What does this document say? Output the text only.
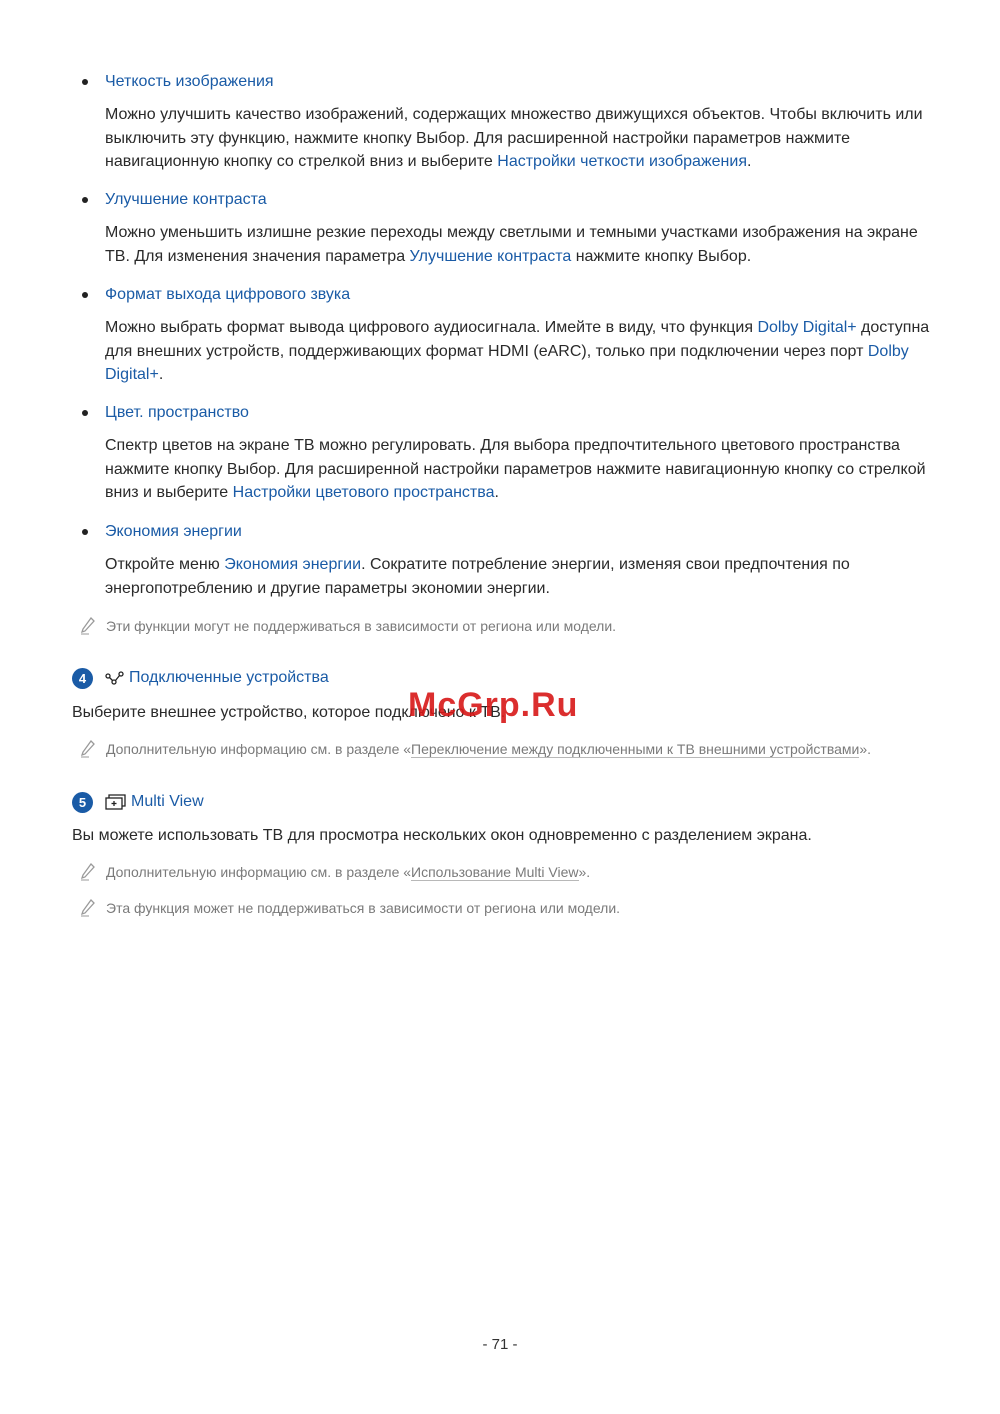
Четкость изображения

Можно улучшить качество изображений, содержащих множество движущихся объектов. Чтобы включить или выключить эту функцию, нажмите кнопку Выбор. Для расширенной настройки параметров нажмите навигационную кнопку со стрелкой вниз и выберите Настройки четкости изображения.

Улучшение контраста

Можно уменьшить излишне резкие переходы между светлыми и темными участками изображения на экране ТВ. Для изменения значения параметра Улучшение контраста нажмите кнопку Выбор.

Формат выхода цифрового звука

Можно выбрать формат вывода цифрового аудиосигнала. Имейте в виду, что функция Dolby Digital+ доступна для внешних устройств, поддерживающих формат HDMI (eARC), только при подключении через порт Dolby Digital+.

Цвет. пространство

Спектр цветов на экране ТВ можно регулировать. Для выбора предпочтительного цветового пространства нажмите кнопку Выбор. Для расширенной настройки параметров нажмите навигационную кнопку со стрелкой вниз и выберите Настройки цветового пространства.

Экономия энергии

Откройте меню Экономия энергии. Сократите потребление энергии, изменяя свои предпочтения по энергопотреблению и другие параметры экономии энергии.

Эти функции могут не поддерживаться в зависимости от региона или модели.
4	Подключенные устройства
Выберите внешнее устройство, которое подключено к ТВ.
Дополнительную информацию см. в разделе «Переключение между подключенными к ТВ внешними устройствами».
5	Multi View
Вы можете использовать ТВ для просмотра нескольких окон одновременно с разделением экрана.
Дополнительную информацию см. в разделе «Использование Multi View».
Эта функция может не поддерживаться в зависимости от региона или модели.
McGrp.Ru
- 71 -
